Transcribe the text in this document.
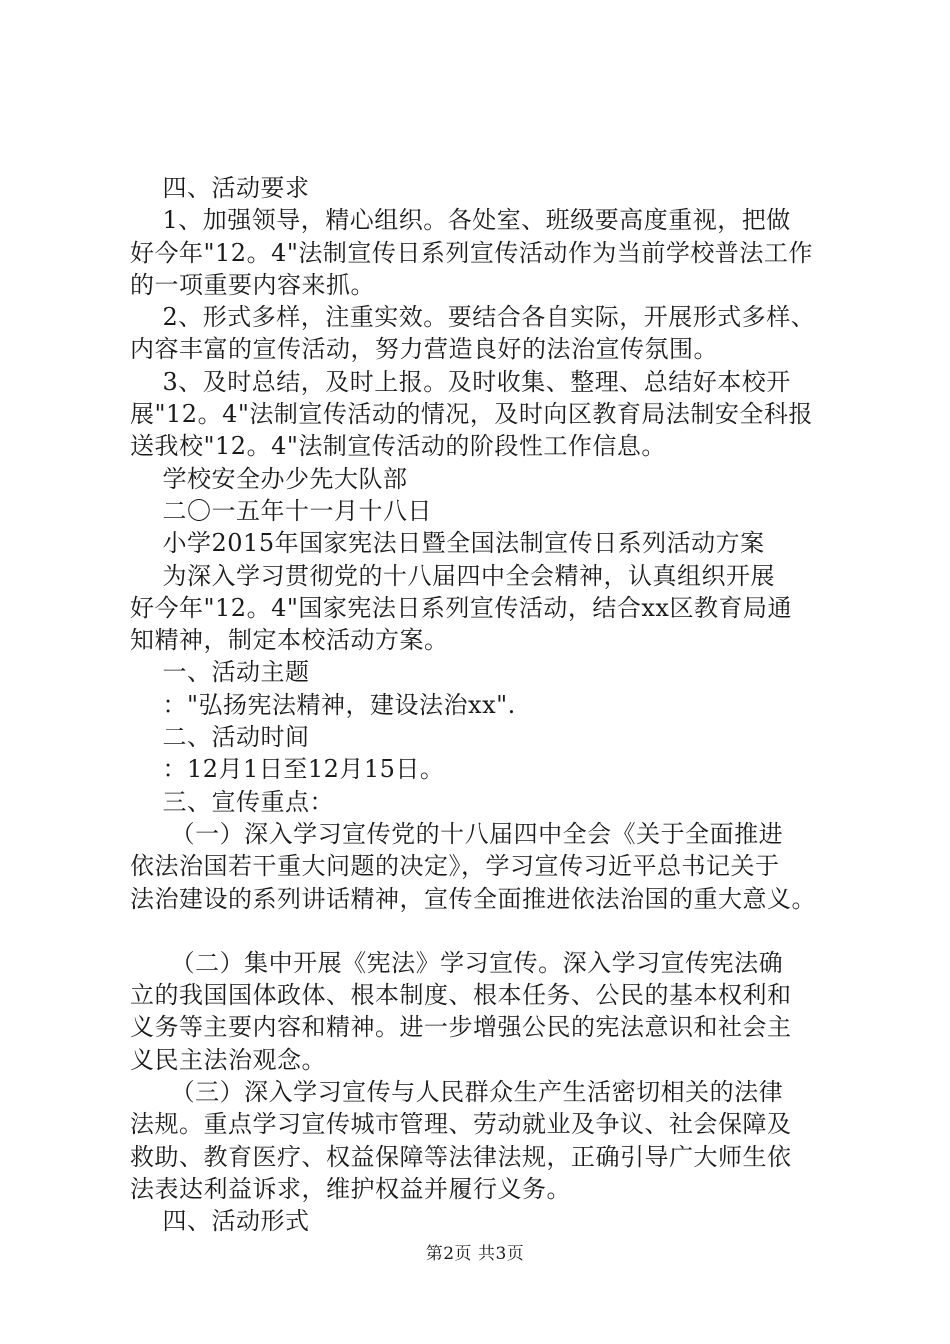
四、活动要求

1、加强领导，精心组织。各处室、班级要高度重视，把做

好今年"12。4"法制宣传日系列宣传活动作为当前学校普法工作

的一项重要内容来抓。

2、形式多样，注重实效。要结合各自实际，开展形式多样、

内容丰富的宣传活动，努力营造良好的法治宣传氛围。

3、及时总结，及时上报。及时收集、整理、总结好本校开

展"12。4"法制宣传活动的情况，及时向区教育局法制安全科报

送我校"12。4"法制宣传活动的阶段性工作信息。

学校安全办少先大队部

二〇一五年十一月十八日

小学2015年国家宪法日暨全国法制宣传日系列活动方案

为深入学习贯彻党的十八届四中全会精神，认真组织开展

好今年"12。4"国家宪法日系列宣传活动，结合xx区教育局通

知精神，制定本校活动方案。

一、活动主题

："弘扬宪法精神，建设法治xx".

二、活动时间

：12月1日至12月15日。

三、宣传重点：

（一）深入学习宣传党的十八届四中全会《关于全面推进

依法治国若干重大问题的决定》，学习宣传习近平总书记关于

法治建设的系列讲话精神，宣传全面推进依法治国的重大意义。

（二）集中开展《宪法》学习宣传。深入学习宣传宪法确

立的我国国体政体、根本制度、根本任务、公民的基本权利和

义务等主要内容和精神。进一步增强公民的宪法意识和社会主

义民主法治观念。

（三）深入学习宣传与人民群众生产生活密切相关的法律

法规。重点学习宣传城市管理、劳动就业及争议、社会保障及

救助、教育医疗、权益保障等法律法规，正确引导广大师生依

法表达利益诉求，维护权益并履行义务。

四、活动形式

第2页 共3页
